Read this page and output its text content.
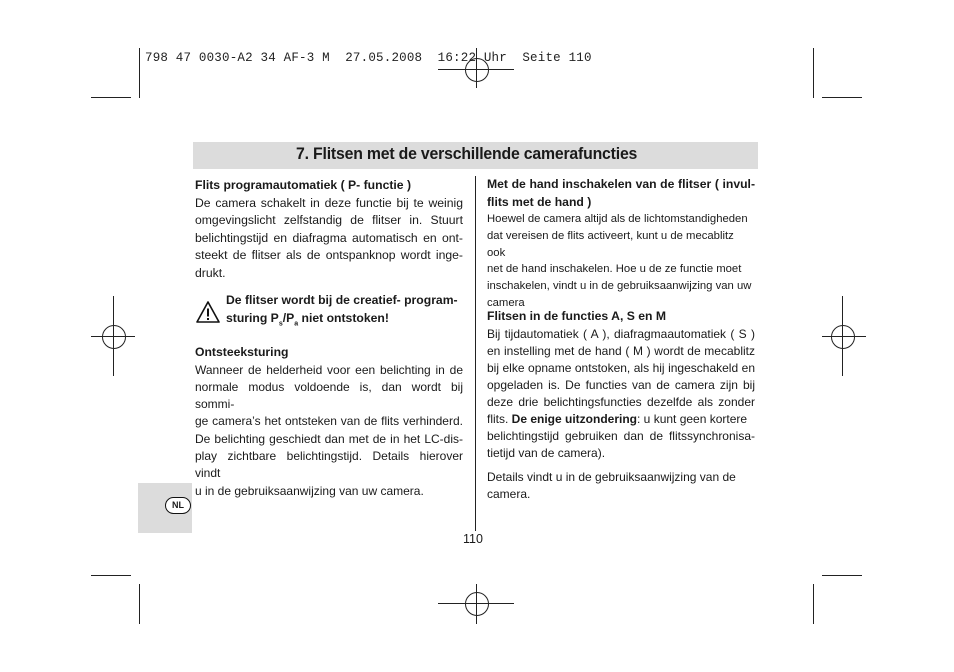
798 47 0030-A2 34 AF-3 M  27.05.2008  16:22 Uhr  Seite 110
7. Flitsen met de verschillende camerafuncties

Flits programautomatiek ( P- functie )

De camera schakelt in deze functie bij te weinig

omgevingslicht zelfstandig de flitser in. Stuurt

belichtingstijd en diafragma automatisch en ont-

steekt de flitser als de ontspanknop wordt inge-

drukt.

De flitser wordt bij de creatief- program-

sturing $P_s/P_a$ niet ontstoken!

Ontsteeksturing

Wanneer de helderheid voor een belichting in de

normale modus voldoende is, dan wordt bij sommi-

ge camera’s het ontsteken van de flits verhinderd.

De belichting geschiedt dan met de in het LC-dis-

play zichtbare belichtingstijd. Details hierover vindt

u in de gebruiksaanwijzing van uw camera.

Met de hand inschakelen van de flitser ( invul-

flits met de hand )

Hoewel de camera altijd als de lichtomstandigheden

dat vereisen de flits activeert, kunt u de mecablitz ook

net de hand inschakelen. Hoe u de ze functie moet

inschakelen, vindt u in de gebruiksaanwijzing van uw

camera

Flitsen in de functies A, S en M

Bij tijdautomatiek ( A ), diafragmaautomatiek ( S )

en instelling met de hand ( M ) wordt de mecablitz

bij elke opname ontstoken, als hij ingeschakeld en

opgeladen is. De functies van de camera zijn bij

deze drie belichtingsfuncties dezelfde als zonder

flits. De enige uitzondering: u kunt geen kortere

belichtingstijd gebruiken dan de flitssynchronisa-

tietijd van de camera).

Details vindt u in de gebruiksaanwijzing van de

camera.

NL
110
